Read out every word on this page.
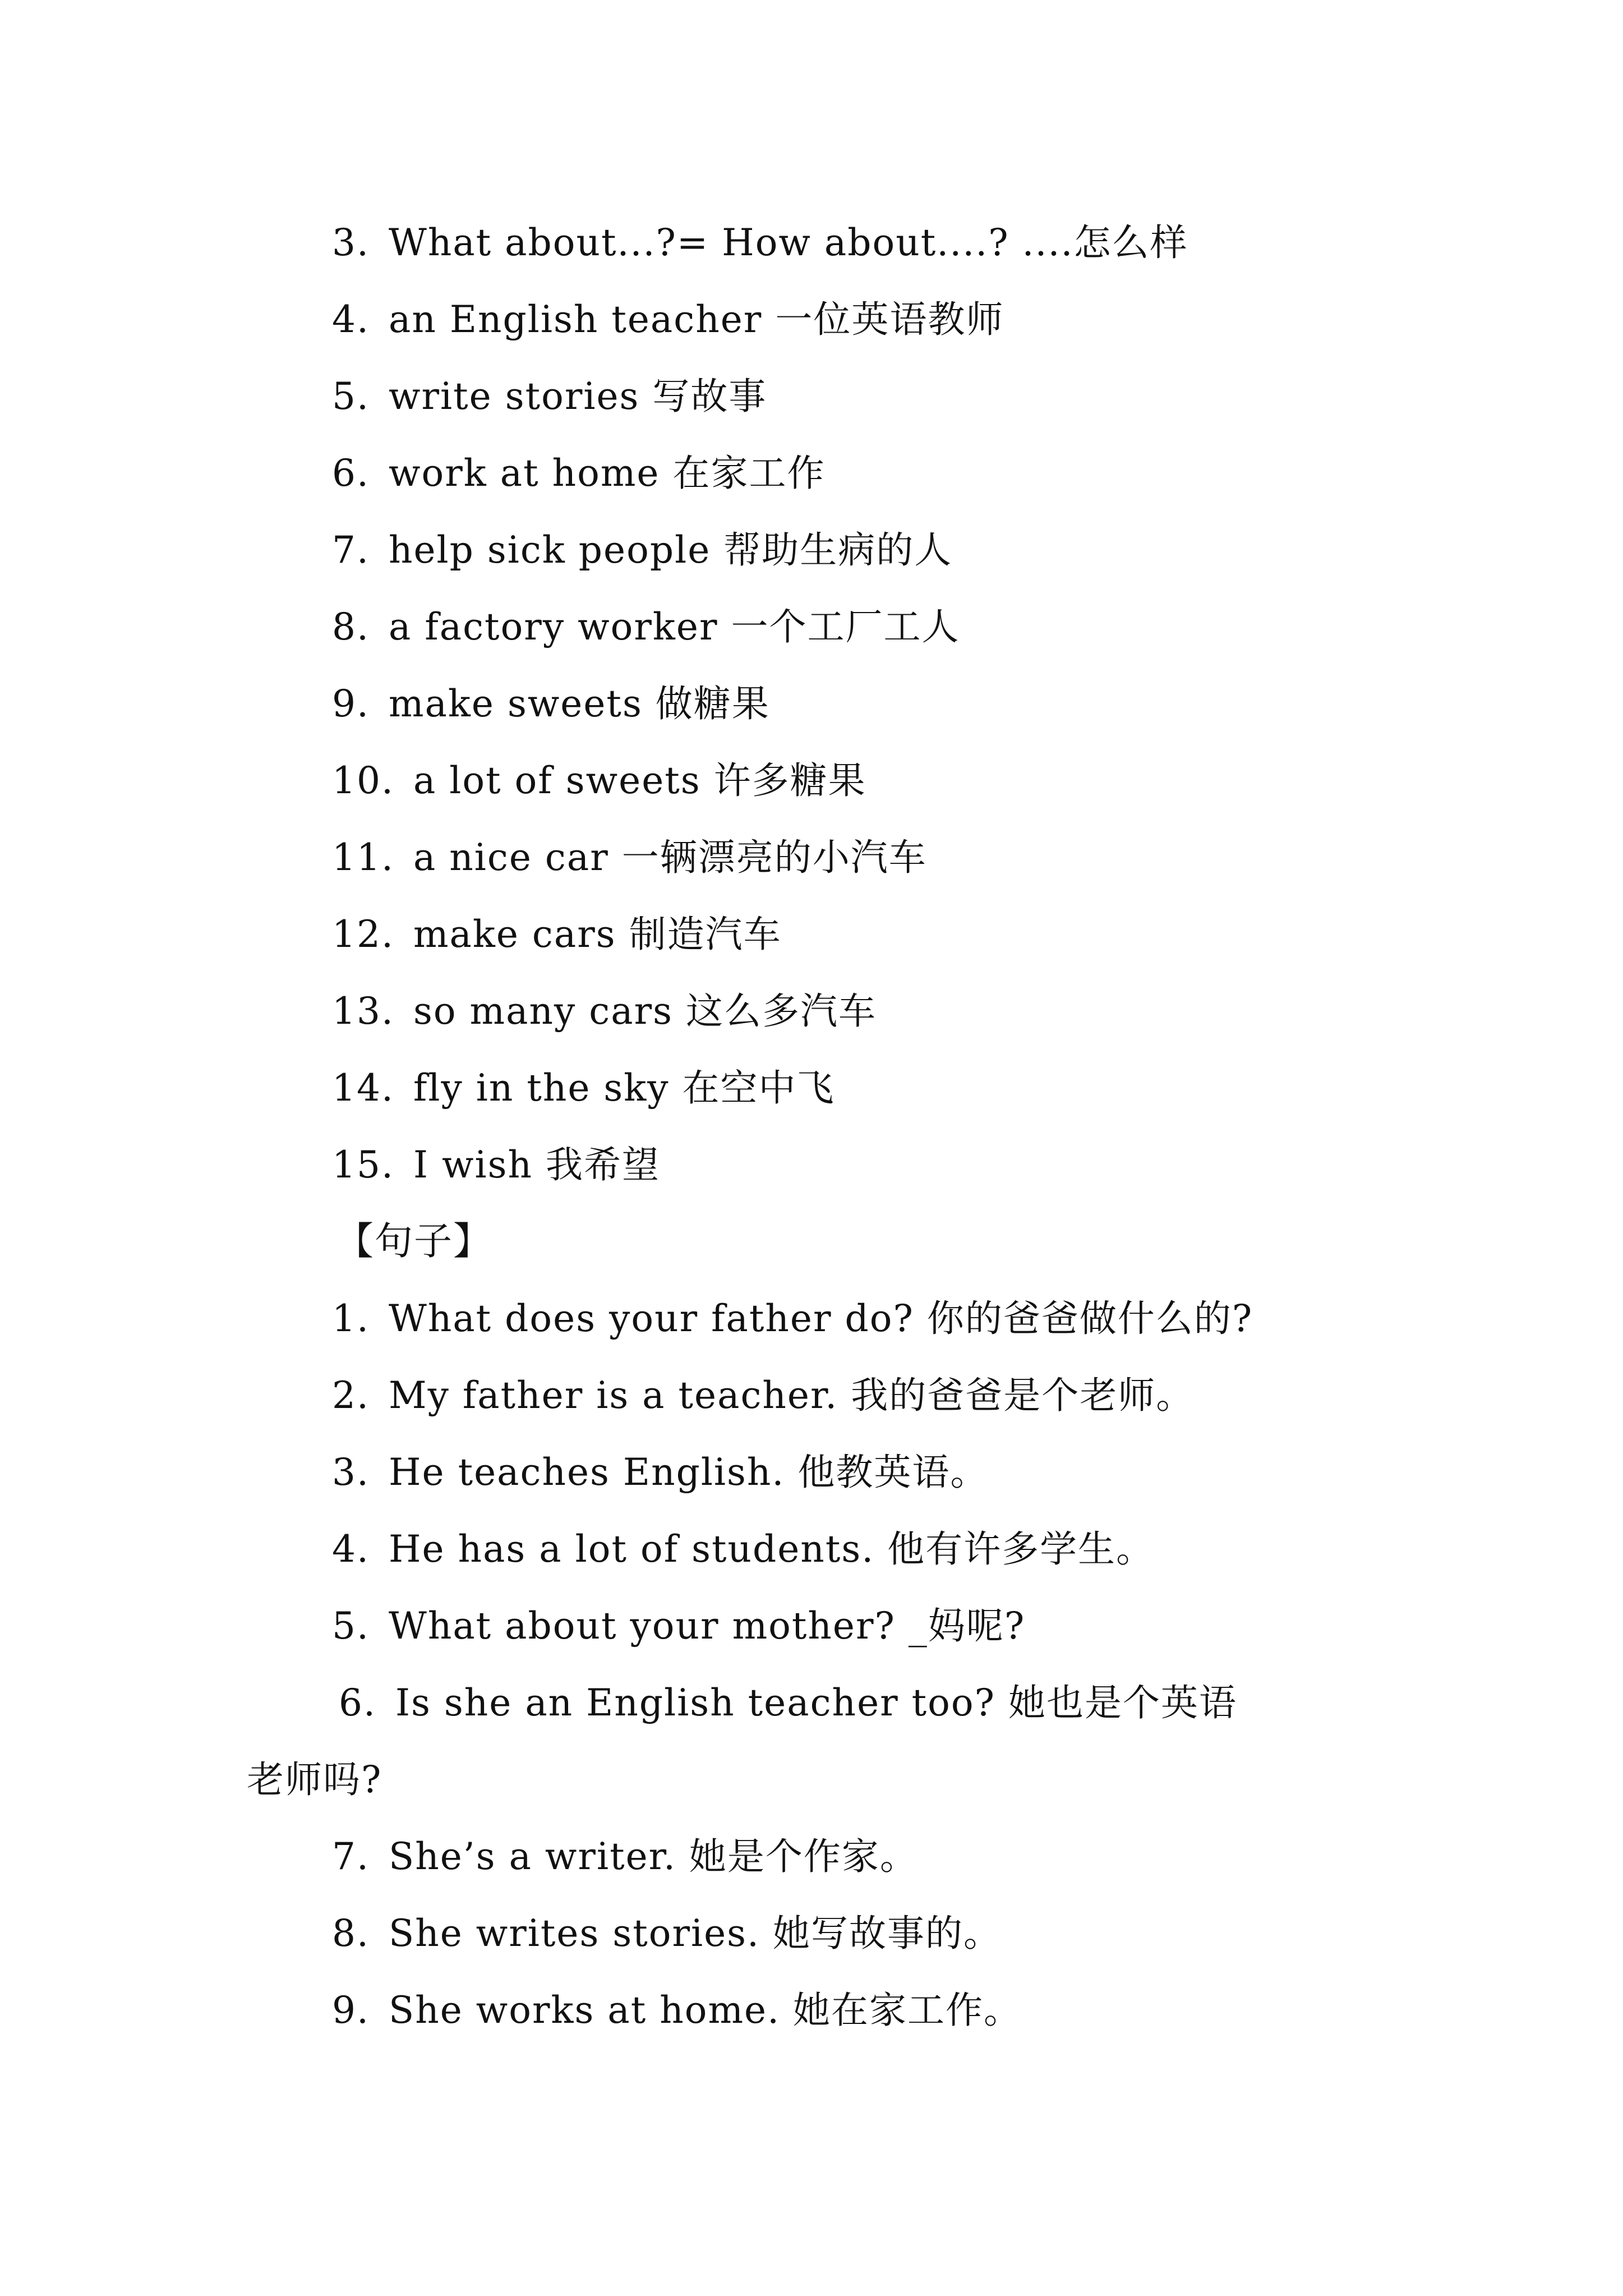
3. What about...?= How about....? ....怎么样
4. an English teacher 一位英语教师
5. write stories 写故事
6. work at home 在家工作
7. help sick people 帮助生病的人
8. a factory worker 一个工厂工人
9. make sweets 做糖果
10. a lot of sweets 许多糖果
11. a nice car 一辆漂亮的小汽车
12. make cars 制造汽车
13. so many cars 这么多汽车
14. fly in the sky 在空中飞
15. I wish 我希望
【句子】
1. What does your father do? 你的爸爸做什么的?
2. My father is a teacher. 我的爸爸是个老师。
3. He teaches English. 他教英语。
4. He has a lot of students. 他有许多学生。
5. What about your mother? _妈呢?
6. Is she an English teacher too? 她也是个英语
老师吗?
7. She’s a writer. 她是个作家。
8. She writes stories. 她写故事的。
9. She works at home. 她在家工作。
